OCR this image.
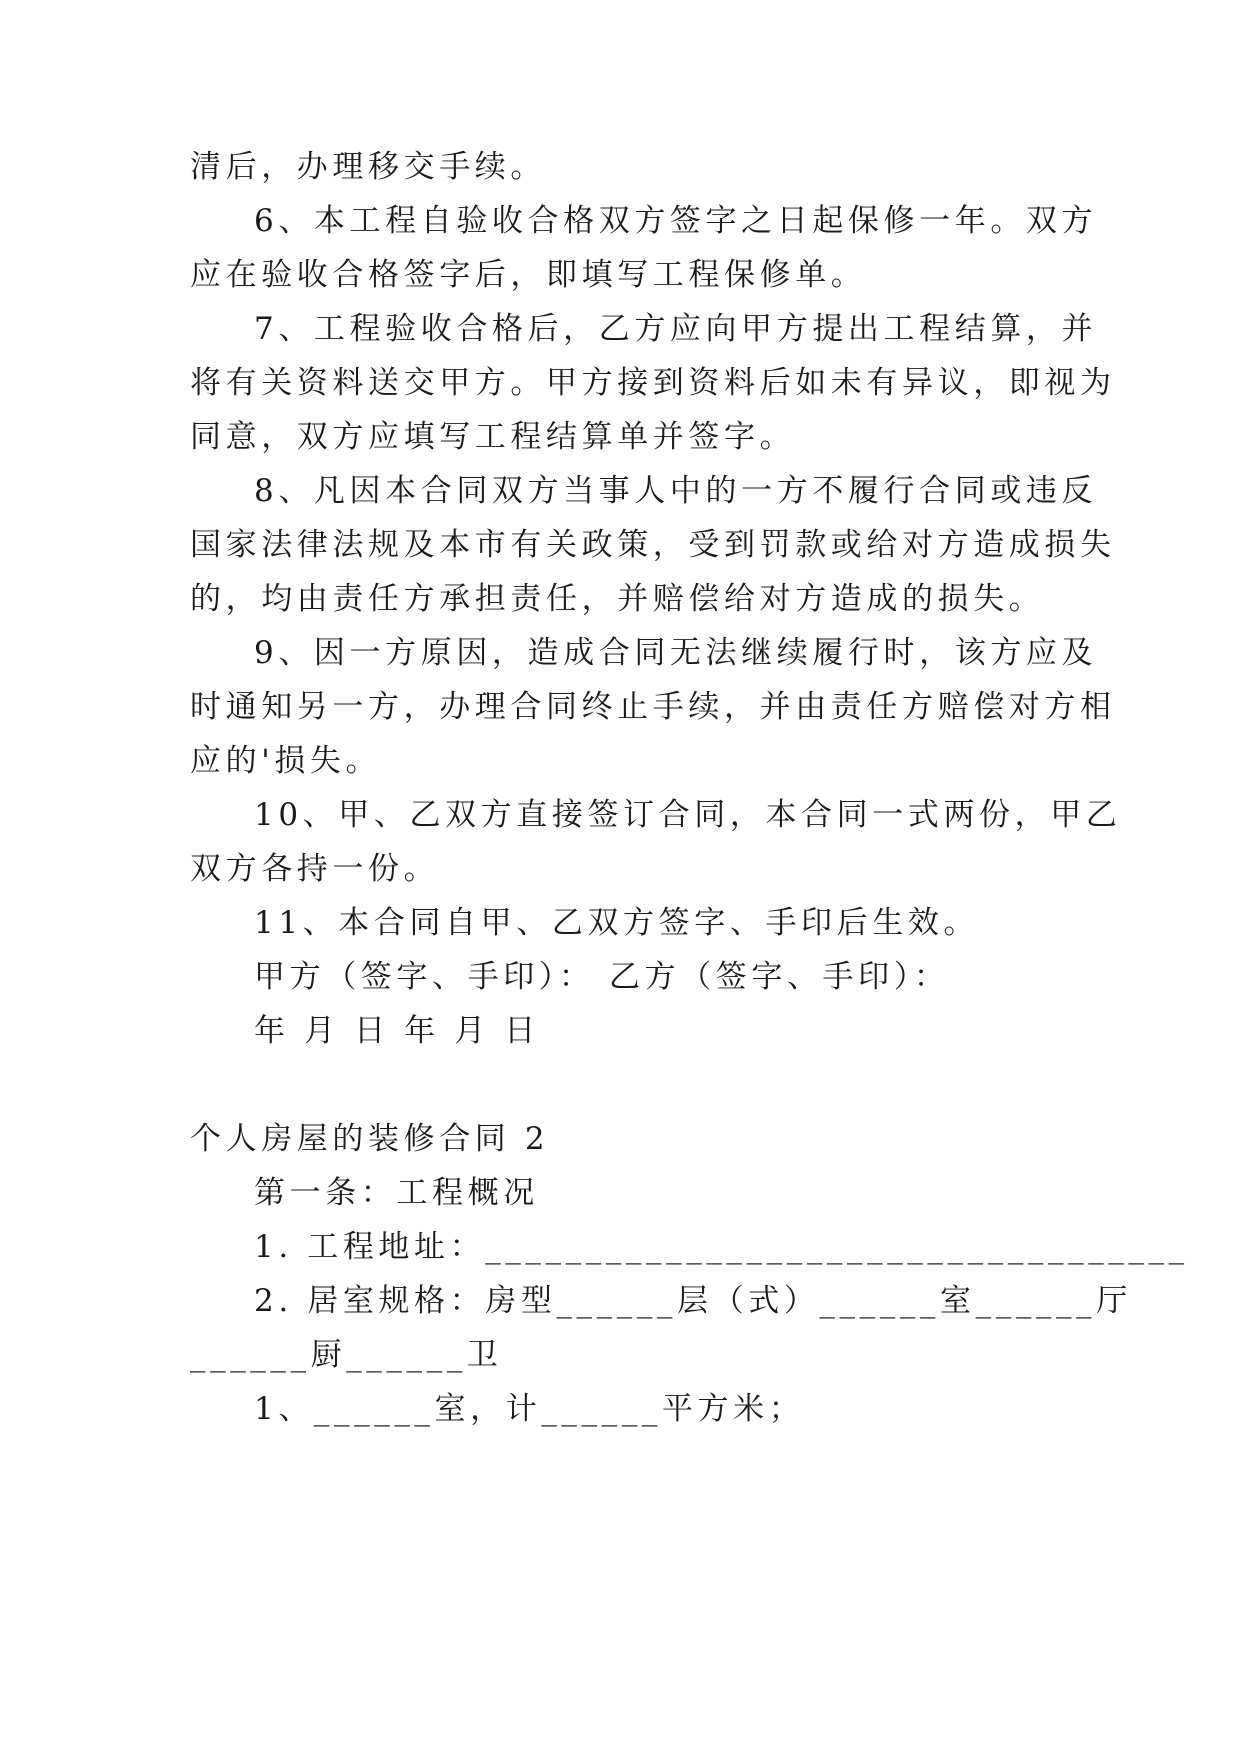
清后，办理移交手续。
6、本工程自验收合格双方签字之日起保修一年。双方
应在验收合格签字后，即填写工程保修单。
7、工程验收合格后，乙方应向甲方提出工程结算，并
将有关资料送交甲方。甲方接到资料后如未有异议，即视为
同意，双方应填写工程结算单并签字。
8、凡因本合同双方当事人中的一方不履行合同或违反
国家法律法规及本市有关政策，受到罚款或给对方造成损失
的，均由责任方承担责任，并赔偿给对方造成的损失。
9、因一方原因，造成合同无法继续履行时，该方应及
时通知另一方，办理合同终止手续，并由责任方赔偿对方相
应的'损失。
10、甲、乙双方直接签订合同，本合同一式两份，甲乙
双方各持一份。
11、本合同自甲、乙双方签字、手印后生效。
甲方（签字、手印）： 乙方（签字、手印）：
年 月 日 年 月 日
个人房屋的装修合同 2
第一条：工程概况
1. 工程地址：___________________________________
2. 居室规格：房型______层（式）______室______厅
______厨______卫
1、______室，计______平方米；
